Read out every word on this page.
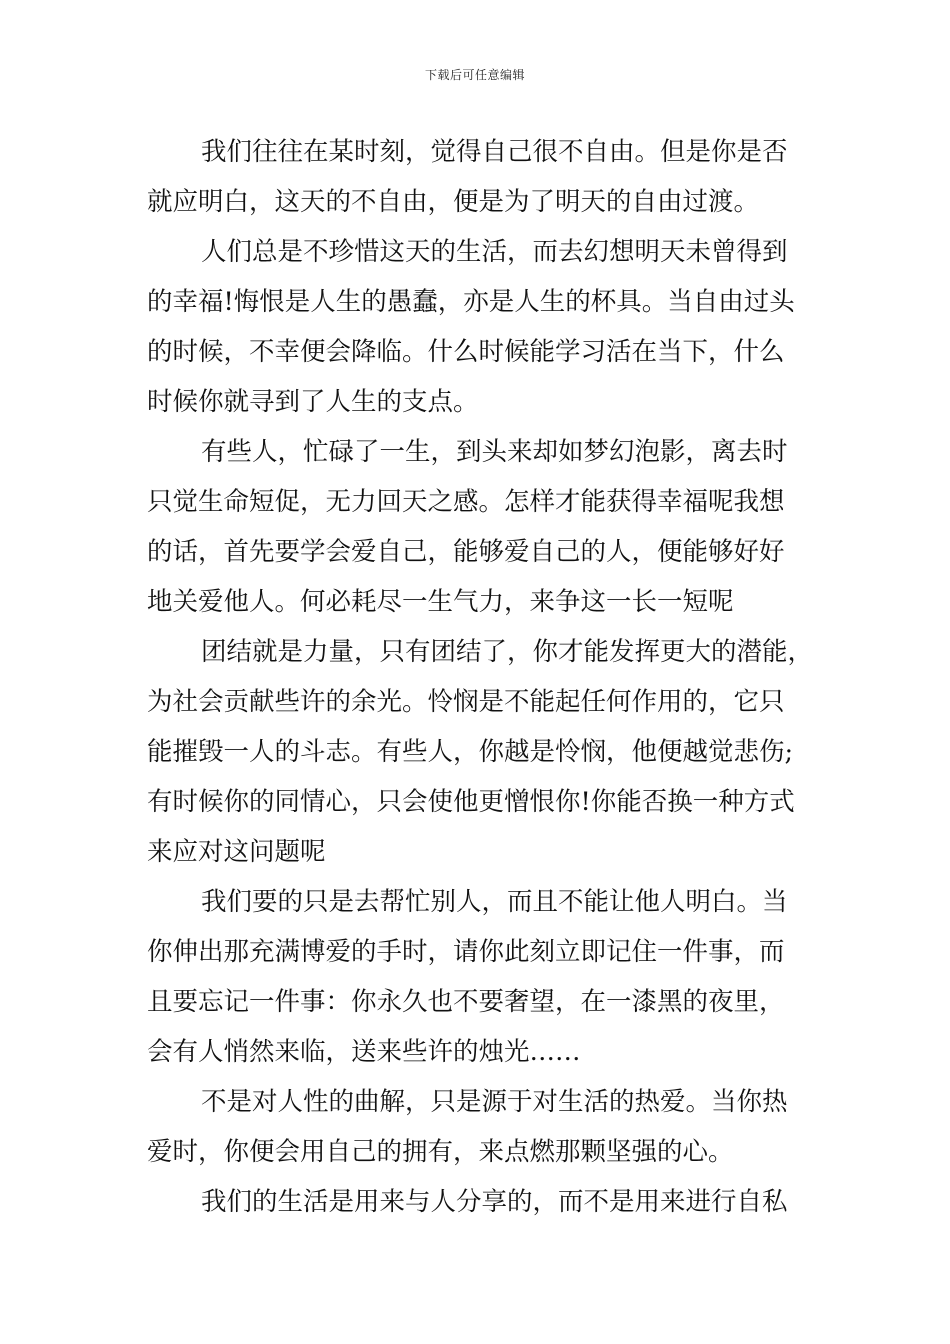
下载后可任意编辑
我们往往在某时刻，觉得自己很不自由。但是你是否
就应明白，这天的不自由，便是为了明天的自由过渡。
人们总是不珍惜这天的生活，而去幻想明天未曾得到
的幸福!悔恨是人生的愚蠢，亦是人生的杯具。当自由过头
的时候，不幸便会降临。什么时候能学习活在当下，什么
时候你就寻到了人生的支点。
有些人，忙碌了一生，到头来却如梦幻泡影，离去时
只觉生命短促，无力回天之感。怎样才能获得幸福呢我想
的话，首先要学会爱自己，能够爱自己的人，便能够好好
地关爱他人。何必耗尽一生气力，来争这一长一短呢
团结就是力量，只有团结了，你才能发挥更大的潜能，
为社会贡献些许的余光。怜悯是不能起任何作用的，它只
能摧毁一人的斗志。有些人，你越是怜悯，他便越觉悲伤;
有时候你的同情心，只会使他更憎恨你!你能否换一种方式
来应对这问题呢
我们要的只是去帮忙别人，而且不能让他人明白。当
你伸出那充满博爱的手时，请你此刻立即记住一件事，而
且要忘记一件事：你永久也不要奢望，在一漆黑的夜里，
会有人悄然来临，送来些许的烛光……
不是对人性的曲解，只是源于对生活的热爱。当你热
爱时，你便会用自己的拥有，来点燃那颗坚强的心。
我们的生活是用来与人分享的，而不是用来进行自私
